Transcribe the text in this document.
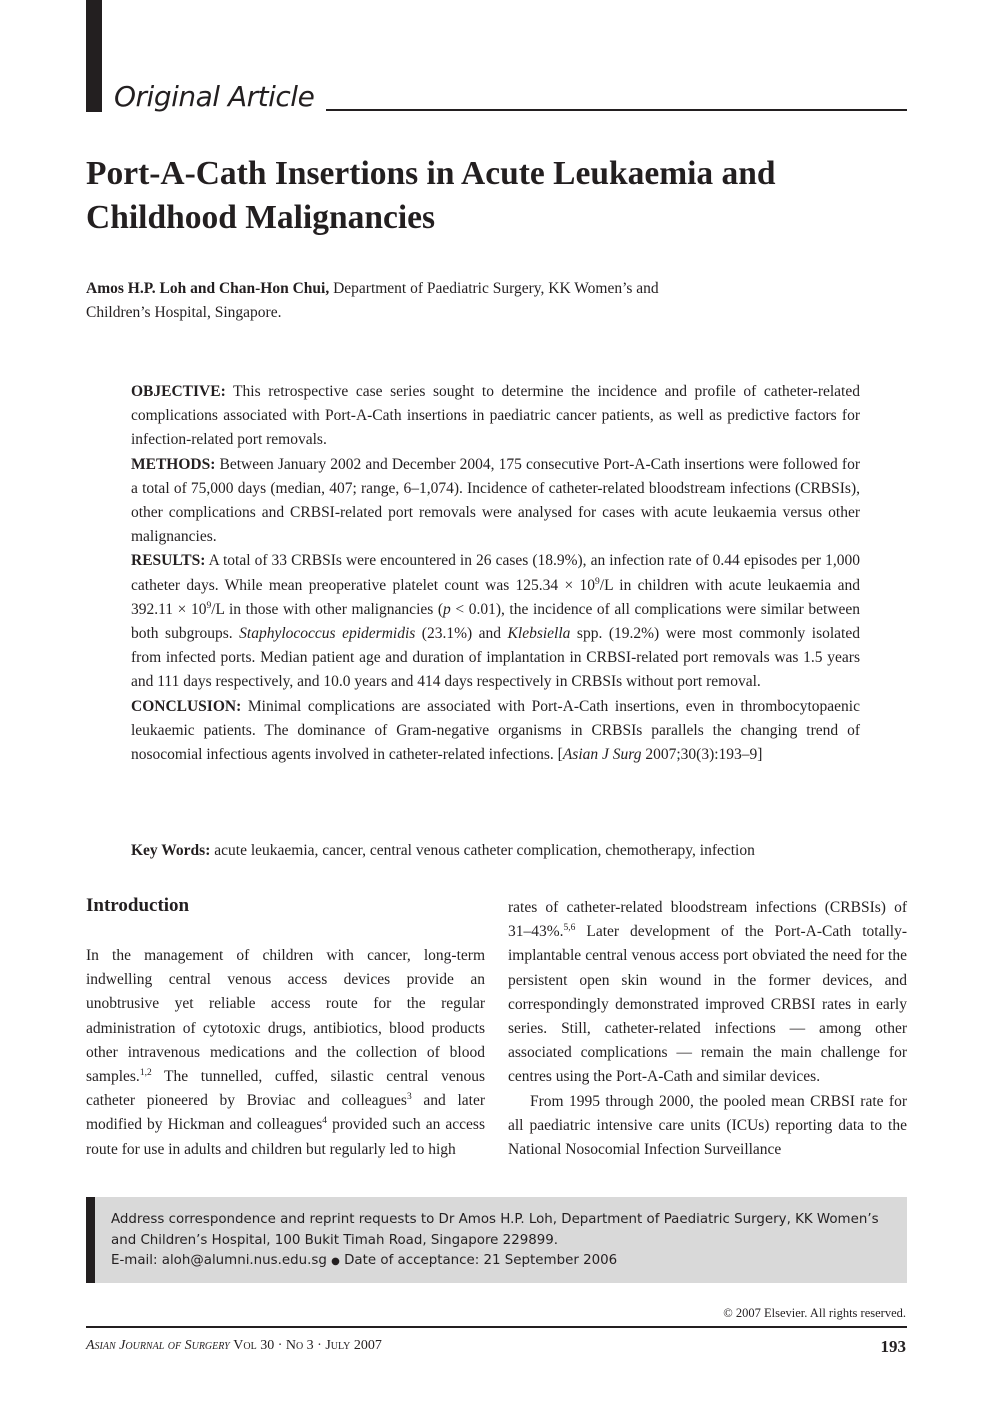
Original Article
Port-A-Cath Insertions in Acute Leukaemia and
Childhood Malignancies
Amos H.P. Loh and Chan-Hon Chui, Department of Paediatric Surgery, KK Women’s and
Children’s Hospital, Singapore.

OBJECTIVE: This retrospective case series sought to determine the incidence and profile of catheter-related complications associated with Port-A-Cath insertions in paediatric cancer patients, as well as predictive factors for infection-related port removals.

METHODS: Between January 2002 and December 2004, 175 consecutive Port-A-Cath insertions were followed for a total of 75,000 days (median, 407; range, 6–1,074). Incidence of catheter-related bloodstream infections (CRBSIs), other complications and CRBSI-related port removals were analysed for cases with acute leukaemia versus other malignancies.

RESULTS: A total of 33 CRBSIs were encountered in 26 cases (18.9%), an infection rate of 0.44 episodes per 1,000 catheter days. While mean preoperative platelet count was $125.34 \times 10^9/L$ in children with acute leukaemia and $392.11 \times 10^9/L$ in those with other malignancies (p < 0.01), the incidence of all complications were similar between both subgroups. Staphylococcus epidermidis (23.1%) and Klebsiella spp. (19.2%) were most commonly isolated from infected ports. Median patient age and duration of implantation in CRBSI-related port removals was 1.5 years and 111 days respectively, and 10.0 years and 414 days respectively in CRBSIs without port removal.

CONCLUSION: Minimal complications are associated with Port-A-Cath insertions, even in thrombocytopaenic leukaemic patients. The dominance of Gram-negative organisms in CRBSIs parallels the changing trend of nosocomial infectious agents involved in catheter-related infections. [Asian J Surg 2007;30(3):193–9]

Key Words: acute leukaemia, cancer, central venous catheter complication, chemotherapy, infection
Introduction

In the management of children with cancer, long-term indwelling central venous access devices provide an unobtrusive yet reliable access route for the regular administration of cytotoxic drugs, antibiotics, blood products other intravenous medications and the collection of blood samples.$^{1,2}$ The tunnelled, cuffed, silastic central venous catheter pioneered by Broviac and colleagues$^3$ and later modified by Hickman and colleagues$^4$ provided such an access route for use in adults and children but regularly led to high

rates of catheter-related bloodstream infections (CRBSIs) of 31–43%.$^{5,6}$ Later development of the Port-A-Cath totally-implantable central venous access port obviated the need for the persistent open skin wound in the former devices, and correspondingly demonstrated improved CRBSI rates in early series. Still, catheter-related infections — among other associated complications — remain the main challenge for centres using the Port-A-Cath and similar devices.

From 1995 through 2000, the pooled mean CRBSI rate for all paediatric intensive care units (ICUs) reporting data to the National Nosocomial Infection Surveillance

Address correspondence and reprint requests to Dr Amos H.P. Loh, Department of Paediatric Surgery, KK Women’s
and Children’s Hospital, 100 Bukit Timah Road, Singapore 229899.
E-mail: aloh@alumni.nus.edu.sg ● Date of acceptance: 21 September 2006
© 2007 Elsevier. All rights reserved.
Asian Journal of Surgery Vol 30 · No 3 · July 2007	193
